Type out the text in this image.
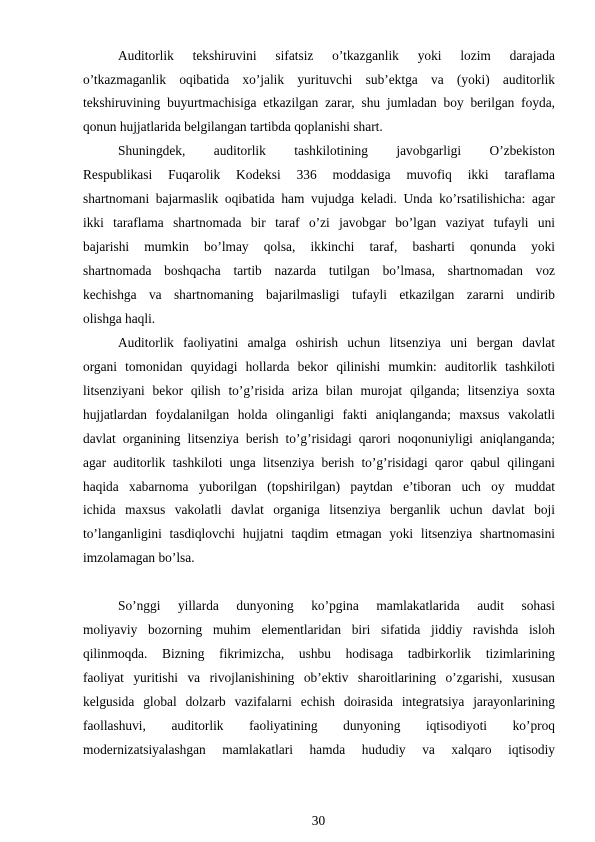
Auditorlik tekshiruvini sifatsiz o’tkazganlik yoki lozim darajada
o’tkazmaganlik oqibatida xo’jalik yurituvchi sub’ektga va (yoki) auditorlik
tekshiruvining buyurtmachisiga etkazilgan zarar, shu jumladan boy berilgan foyda,
qonun hujjatlarida belgilangan tartibda qoplanishi shart.
Shuningdek, auditorlik tashkilotining javobgarligi O’zbekiston
Respublikasi Fuqarolik Kodeksi 336 moddasiga muvofiq ikki taraflama
shartnomani bajarmaslik oqibatida ham vujudga keladi. Unda ko’rsatilishicha: agar
ikki taraflama shartnomada bir taraf o’zi javobgar bo’lgan vaziyat tufayli uni
bajarishi mumkin bo’lmay qolsa, ikkinchi taraf, basharti qonunda yoki
shartnomada boshqacha tartib nazarda tutilgan bo’lmasa, shartnomadan voz
kechishga va shartnomaning bajarilmasligi tufayli etkazilgan zararni undirib
olishga haqli.
Auditorlik faoliyatini amalga oshirish uchun litsenziya uni bergan davlat
organi tomonidan quyidagi hollarda bekor qilinishi mumkin: auditorlik tashkiloti
litsenziyani bekor qilish to’g’risida ariza bilan murojat qilganda; litsenziya soxta
hujjatlardan foydalanilgan holda olinganligi fakti aniqlanganda; maxsus vakolatli
davlat organining litsenziya berish to’g’risidagi qarori noqonuniyligi aniqlanganda;
agar auditorlik tashkiloti unga litsenziya berish to’g’risidagi qaror qabul qilingani
haqida xabarnoma yuborilgan (topshirilgan) paytdan e’tiboran uch oy muddat
ichida maxsus vakolatli davlat organiga litsenziya berganlik uchun davlat boji
to’langanligini tasdiqlovchi hujjatni taqdim etmagan yoki litsenziya shartnomasini
imzolamagan bo’lsa.
So’nggi yillarda dunyoning ko’pgina mamlakatlarida audit sohasi
moliyaviy bozorning muhim elementlaridan biri sifatida jiddiy ravishda isloh
qilinmoqda. Bizning fikrimizcha, ushbu hodisaga tadbirkorlik tizimlarining
faoliyat yuritishi va rivojlanishining ob’ektiv sharoitlarining o’zgarishi, xususan
kelgusida global dolzarb vazifalarni echish doirasida integratsiya jarayonlarining
faollashuvi, auditorlik faoliyatining dunyoning iqtisodiyoti ko’proq
modernizatsiyalashgan mamlakatlari hamda hududiy va xalqaro iqtisodiy
30
